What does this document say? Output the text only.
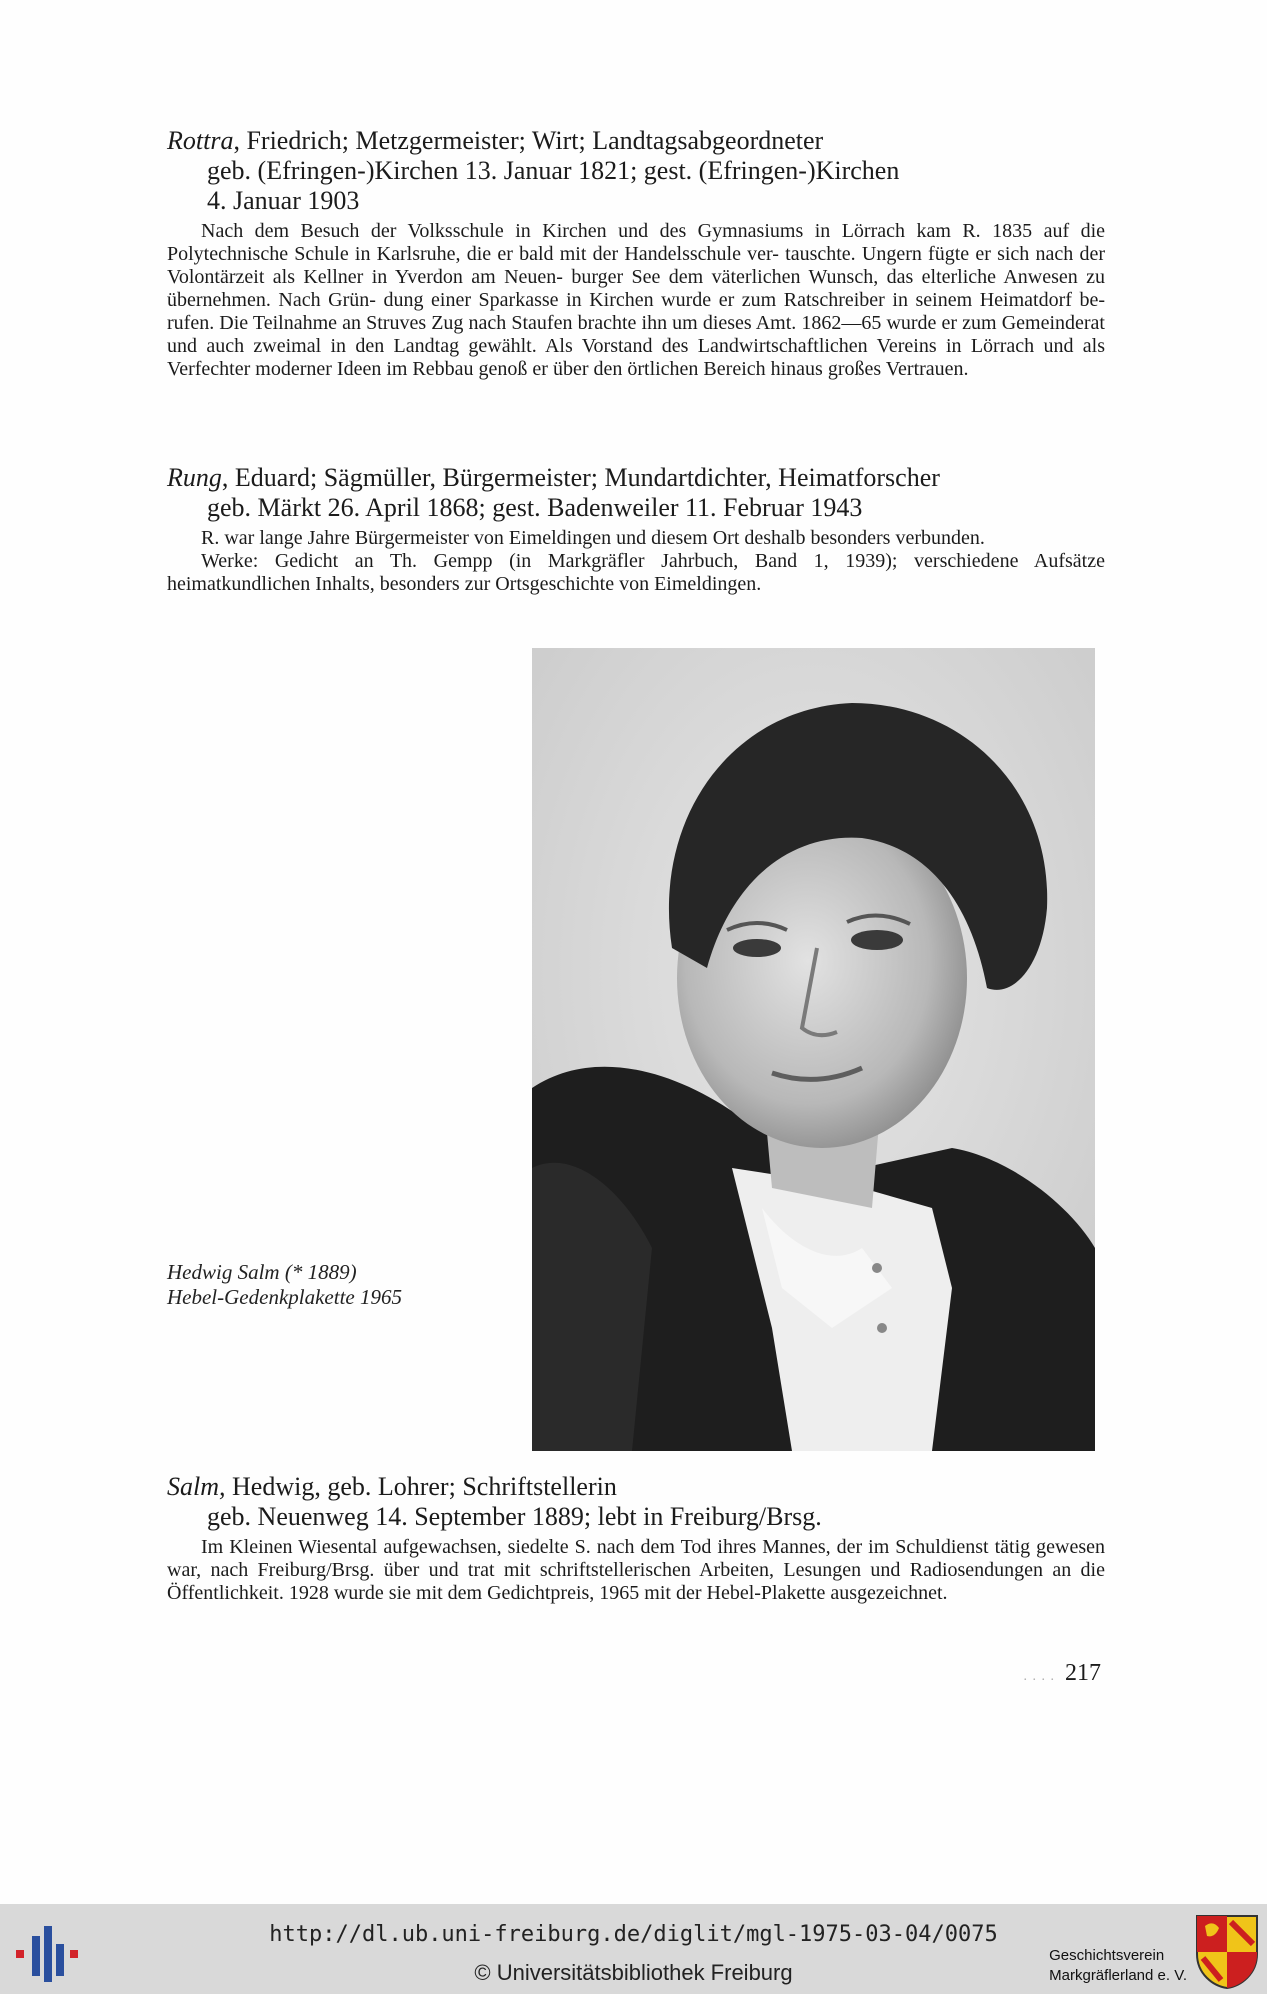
Rottra, Friedrich; Metzgermeister; Wirt; Landtagsabgeordneter

geb. (Efringen-)Kirchen 13. Januar 1821; gest. (Efringen-)Kirchen

4. Januar 1903

Nach dem Besuch der Volksschule in Kirchen und des Gymnasiums in Lörrach kam R. 1835 auf die Polytechnische Schule in Karlsruhe, die er bald mit der Handelsschule ver- tauschte. Ungern fügte er sich nach der Volontärzeit als Kellner in Yverdon am Neuen- burger See dem väterlichen Wunsch, das elterliche Anwesen zu übernehmen. Nach Grün- dung einer Sparkasse in Kirchen wurde er zum Ratschreiber in seinem Heimatdorf be- rufen. Die Teilnahme an Struves Zug nach Staufen brachte ihn um dieses Amt. 1862—65 wurde er zum Gemeinderat und auch zweimal in den Landtag gewählt. Als Vorstand des Landwirtschaftlichen Vereins in Lörrach und als Verfechter moderner Ideen im Rebbau genoß er über den örtlichen Bereich hinaus großes Vertrauen.

Rung, Eduard; Sägmüller, Bürgermeister; Mundartdichter, Heimatforscher

geb. Märkt 26. April 1868; gest. Badenweiler 11. Februar 1943

R. war lange Jahre Bürgermeister von Eimeldingen und diesem Ort deshalb besonders verbunden.

Werke: Gedicht an Th. Gempp (in Markgräfler Jahrbuch, Band 1, 1939); verschiedene Aufsätze heimatkundlichen Inhalts, besonders zur Ortsgeschichte von Eimeldingen.

Hedwig Salm (* 1889)
Hebel-Gedenkplakette 1965

Salm, Hedwig, geb. Lohrer; Schriftstellerin

geb. Neuenweg 14. September 1889; lebt in Freiburg/Brsg.

Im Kleinen Wiesental aufgewachsen, siedelte S. nach dem Tod ihres Mannes, der im Schuldienst tätig gewesen war, nach Freiburg/Brsg. über und trat mit schriftstellerischen Arbeiten, Lesungen und Radiosendungen an die Öffentlichkeit. 1928 wurde sie mit dem Gedichtpreis, 1965 mit der Hebel-Plakette ausgezeichnet.

. . . . 217
http://dl.ub.uni-freiburg.de/diglit/mgl-1975-03-04/0075
© Universitätsbibliothek Freiburg
Geschichtsverein
Markgräflerland e. V.
